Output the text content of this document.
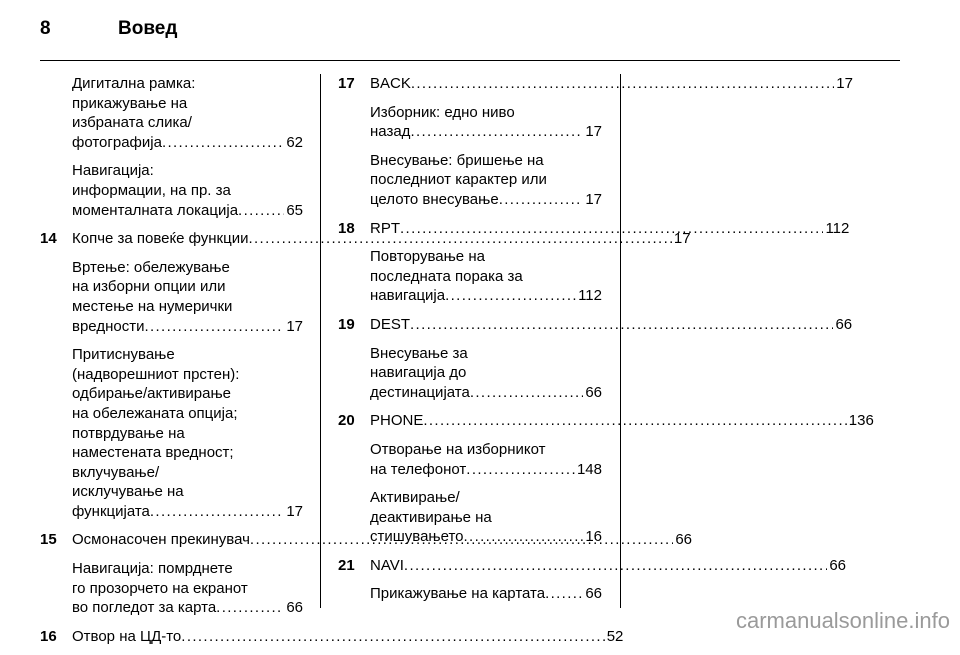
8	Вовед
Дигитална рамка:
прикажување на
избраната слика/
фотографија . . .	62
Навигација:
информации, на пр. за
моменталната локација . . .	65
14	Копче за повеќе функции . . .	17
Вртење: обележување
на изборни опции или
местење на нумерички
вредности . . .	17
Притиснување
(надворешниот прстен):
одбирање/активирање
на обележаната опција;
потврдување на
наместената вредност;
вклучување/
исклучување на
функцијата . . .	17
15	Осмонасочен прекинувач . . .	66
Навигација: помрднете
го прозорчето на екранот
во погледот за карта . . .	66
16	Отвор на ЦД-то . . .	52
17	BACK . . .	17
Изборник: едно ниво
назад . . .	17
Внесување: бришење на
последниот карактер или
целото внесување . . .	17
18	RPT . . .	112
Повторување на
последната порака за
навигација . . .	112
19	DEST . . .	66
Внесување за
навигација до
дестинацијата . . .	66
20	PHONE . . .	136
Отворање на изборникот
на телефонот . . .	148
Активирање/
деактивирање на
стишувањето . . .	16
21	NAVI . . .	66
Прикажување на картата . . .	66
carmanualsonline.info
